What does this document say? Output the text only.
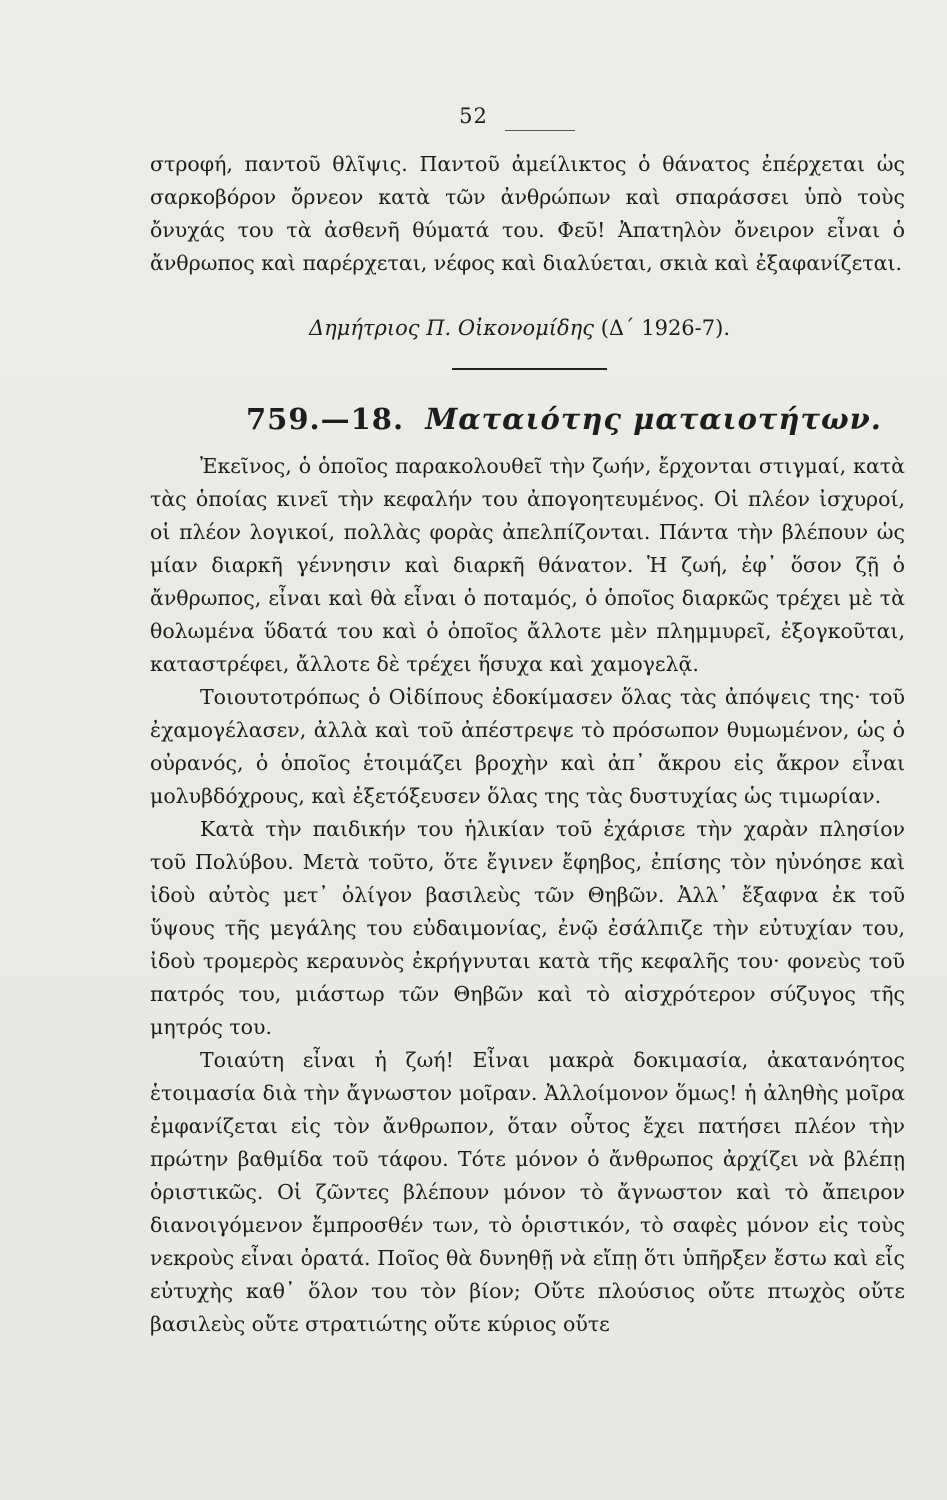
52

στροφή, παντοῦ θλῖψις. Παντοῦ ἀμείλικτος ὁ θάνατος ἐπέρχεται ὡς σαρκοβόρον ὄρνεον κατὰ τῶν ἀνθρώπων καὶ σπαράσσει ὑπὸ τοὺς ὄνυχάς του τὰ ἀσθενῆ θύματά του. Φεῦ! Ἀπατηλὸν ὄνειρον εἶναι ὁ ἄνθρωπος καὶ παρέρχεται, νέφος καὶ διαλύεται, σκιὰ καὶ ἐξαφανίζεται.

Δημήτριος Π. Οἰκονομίδης (Δ΄ 1926-7).
759.—18. Ματαιότης ματαιοτήτων.

Ἐκεῖνος, ὁ ὁποῖος παρακολουθεῖ τὴν ζωήν, ἔρχονται στιγμαί, κατὰ τὰς ὁποίας κινεῖ τὴν κεφαλήν του ἀπογοητευμένος. Οἱ πλέον ἰσχυροί, οἱ πλέον λογικοί, πολλὰς φορὰς ἀπελπίζονται. Πάντα τὴν βλέπουν ὡς μίαν διαρκῆ γέννησιν καὶ διαρκῆ θάνατον. Ἡ ζωή, ἐφ᾽ ὅσον ζῇ ὁ ἄνθρωπος, εἶναι καὶ θὰ εἶναι ὁ ποταμός, ὁ ὁποῖος διαρκῶς τρέχει μὲ τὰ θολωμένα ὕδατά του καὶ ὁ ὁποῖος ἄλλοτε μὲν πλημμυρεῖ, ἐξογκοῦται, καταστρέφει, ἄλλοτε δὲ τρέχει ἥσυχα καὶ χαμογελᾷ.

Τοιουτοτρόπως ὁ Οἰδίπους ἐδοκίμασεν ὅλας τὰς ἀπόψεις της· τοῦ ἐχαμογέλασεν, ἀλλὰ καὶ τοῦ ἀπέστρεψε τὸ πρόσωπον θυμωμένον, ὡς ὁ οὐρανός, ὁ ὁποῖος ἑτοιμάζει βροχὴν καὶ ἀπ᾽ ἄκρου εἰς ἄκρον εἶναι μολυβδόχρους, καὶ ἐξετόξευσεν ὅλας της τὰς δυστυχίας ὡς τιμωρίαν.

Κατὰ τὴν παιδικήν του ἡλικίαν τοῦ ἐχάρισε τὴν χαρὰν πλησίον τοῦ Πολύβου. Μετὰ τοῦτο, ὅτε ἔγινεν ἔφηβος, ἐπίσης τὸν ηὐνόησε καὶ ἰδοὺ αὐτὸς μετ᾽ ὀλίγον βασιλεὺς τῶν Θηβῶν. Ἀλλ᾽ ἔξαφνα ἐκ τοῦ ὕψους τῆς μεγάλης του εὐδαιμονίας, ἐνῷ ἐσάλπιζε τὴν εὐτυχίαν του, ἰδοὺ τρομερὸς κεραυνὸς ἐκρήγνυται κατὰ τῆς κεφαλῆς του· φονεὺς τοῦ πατρός του, μιάστωρ τῶν Θηβῶν καὶ τὸ αἰσχρότερον σύζυγος τῆς μητρός του.

Τοιαύτη εἶναι ἡ ζωή! Εἶναι μακρὰ δοκιμασία, ἀκατανόητος ἑτοιμασία διὰ τὴν ἄγνωστον μοῖραν. Ἀλλοίμονον ὅμως! ἡ ἀληθὴς μοῖρα ἐμφανίζεται εἰς τὸν ἄνθρωπον, ὅταν οὗτος ἔχει πατήσει πλέον τὴν πρώτην βαθμίδα τοῦ τάφου. Τότε μόνον ὁ ἄνθρωπος ἀρχίζει νὰ βλέπῃ ὁριστικῶς. Οἱ ζῶντες βλέπουν μόνον τὸ ἄγνωστον καὶ τὸ ἄπειρον διανοιγόμενον ἔμπροσθέν των, τὸ ὁριστικόν, τὸ σαφὲς μόνον εἰς τοὺς νεκροὺς εἶναι ὁρατά. Ποῖος θὰ δυνηθῇ νὰ εἴπῃ ὅτι ὑπῆρξεν ἔστω καὶ εἷς εὐτυχὴς καθ᾽ ὅλον του τὸν βίον; Οὔτε πλούσιος οὔτε πτωχὸς οὔτε βασιλεὺς οὔτε στρατιώτης οὔτε κύριος οὔτε
